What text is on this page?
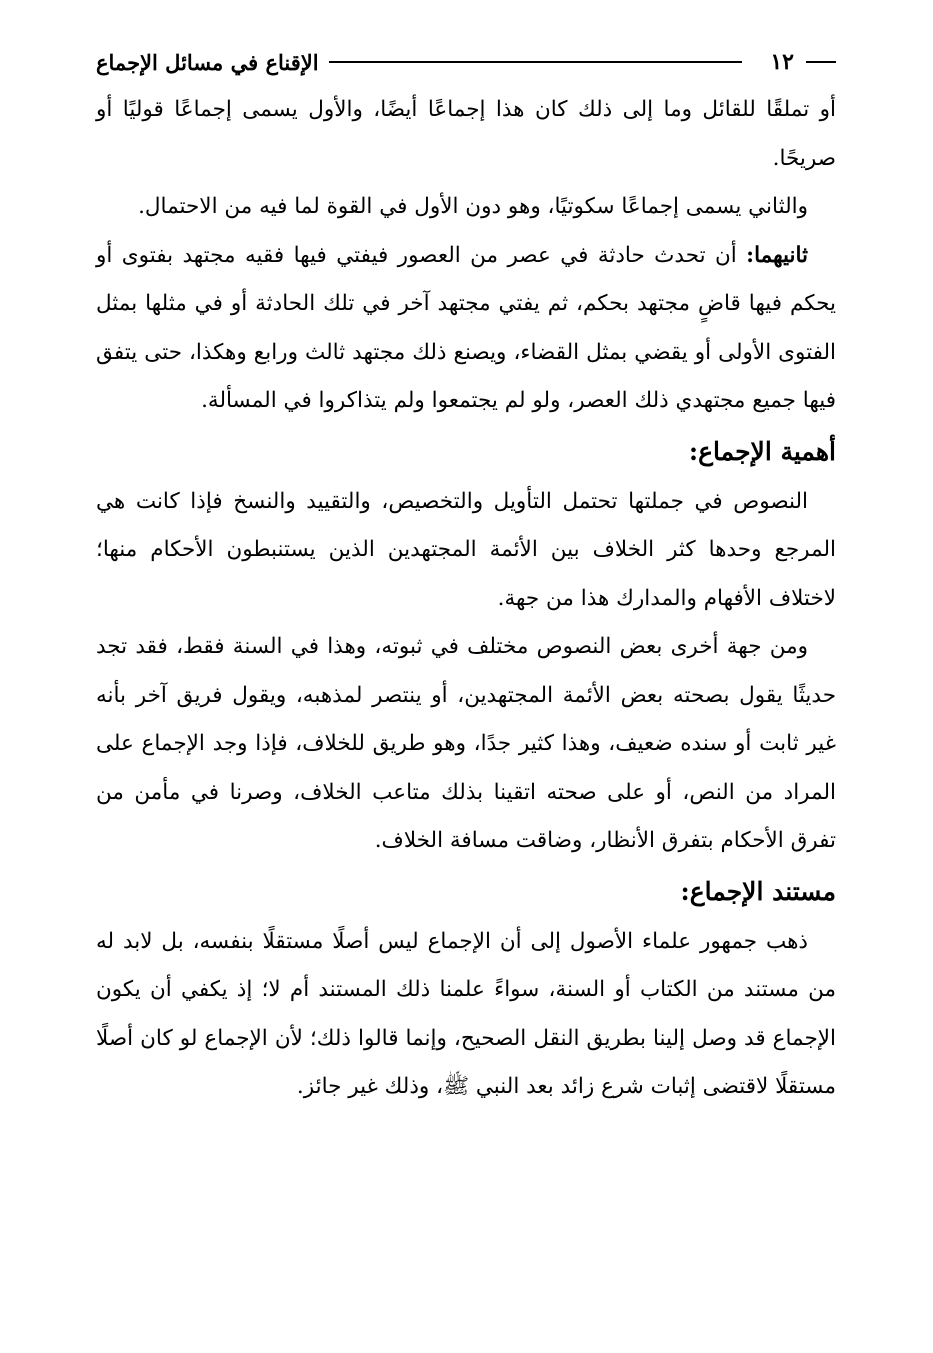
١٢
الإقناع في مسائل الإجماع

أو تملقًا للقائل وما إلى ذلك كان هذا إجماعًا أيضًا، والأول يسمى إجماعًا قوليًا أو صريحًا.

والثاني يسمى إجماعًا سكوتيًا، وهو دون الأول في القوة لما فيه من الاحتمال.

ثانيهما: أن تحدث حادثة في عصر من العصور فيفتي فيها فقيه مجتهد بفتوى أو يحكم فيها قاضٍ مجتهد بحكم، ثم يفتي مجتهد آخر في تلك الحادثة أو في مثلها بمثل الفتوى الأولى أو يقضي بمثل القضاء، ويصنع ذلك مجتهد ثالث ورابع وهكذا، حتى يتفق فيها جميع مجتهدي ذلك العصر، ولو لم يجتمعوا ولم يتذاكروا في المسألة.

أهمية الإجماع:

النصوص في جملتها تحتمل التأويل والتخصيص، والتقييد والنسخ فإذا كانت هي المرجع وحدها كثر الخلاف بين الأئمة المجتهدين الذين يستنبطون الأحكام منها؛ لاختلاف الأفهام والمدارك هذا من جهة.

ومن جهة أخرى بعض النصوص مختلف في ثبوته، وهذا في السنة فقط، فقد تجد حديثًا يقول بصحته بعض الأئمة المجتهدين، أو ينتصر لمذهبه، ويقول فريق آخر بأنه غير ثابت أو سنده ضعيف، وهذا كثير جدًا، وهو طريق للخلاف، فإذا وجد الإجماع على المراد من النص، أو على صحته اتقينا بذلك متاعب الخلاف، وصرنا في مأمن من تفرق الأحكام بتفرق الأنظار، وضاقت مسافة الخلاف.

مستند الإجماع:

ذهب جمهور علماء الأصول إلى أن الإجماع ليس أصلًا مستقلًا بنفسه، بل لابد له من مستند من الكتاب أو السنة، سواءً علمنا ذلك المستند أم لا؛ إذ يكفي أن يكون الإجماع قد وصل إلينا بطريق النقل الصحيح، وإنما قالوا ذلك؛ لأن الإجماع لو كان أصلًا مستقلًا لاقتضى إثبات شرع زائد بعد النبي ﷺ، وذلك غير جائز.
